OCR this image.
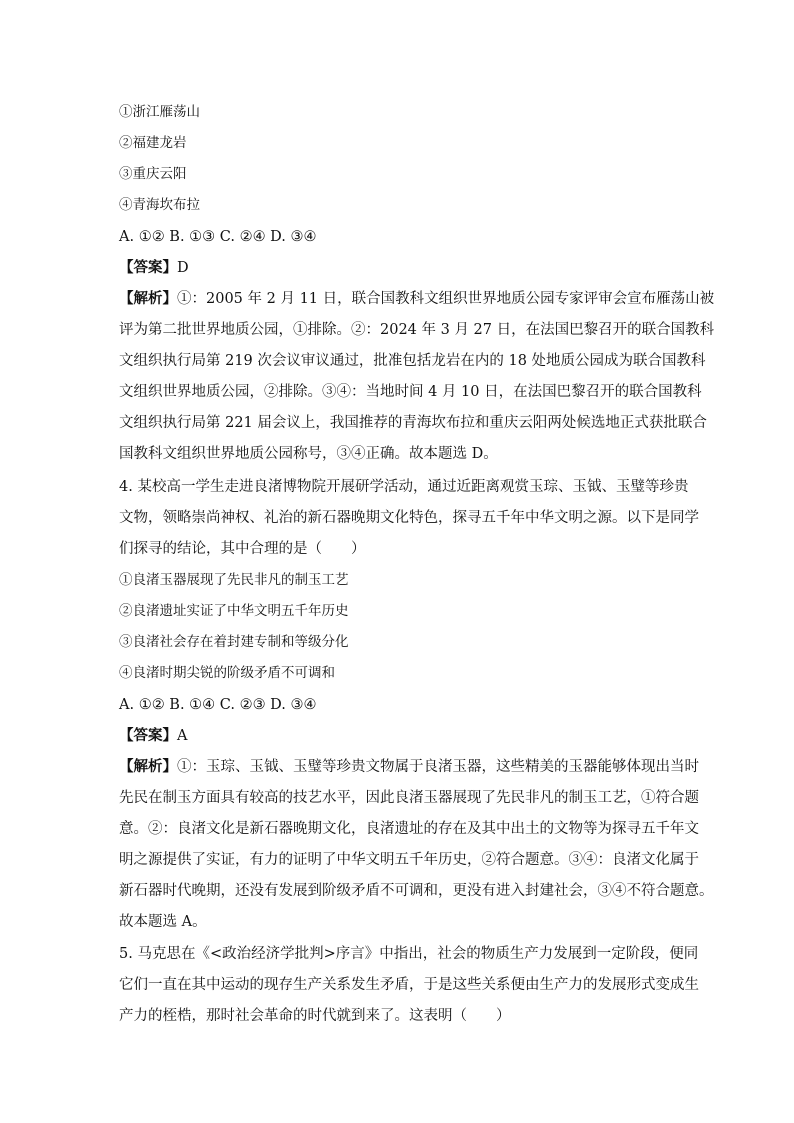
①浙江雁荡山
②福建龙岩
③重庆云阳
④青海坎布拉
A. ①② B. ①③ C. ②④ D. ③④
【答案】D
【解析】①：2005 年 2 月 11 日，联合国教科文组织世界地质公园专家评审会宣布雁荡山被
评为第二批世界地质公园，①排除。②：2024 年 3 月 27 日，在法国巴黎召开的联合国教科
文组织执行局第 219 次会议审议通过，批准包括龙岩在内的 18 处地质公园成为联合国教科
文组织世界地质公园，②排除。③④：当地时间 4 月 10 日，在法国巴黎召开的联合国教科
文组织执行局第 221 届会议上，我国推荐的青海坎布拉和重庆云阳两处候选地正式获批联合
国教科文组织世界地质公园称号，③④正确。故本题选 D。
4. 某校高一学生走进良渚博物院开展研学活动，通过近距离观赏玉琮、玉钺、玉璧等珍贵
文物，领略崇尚神权、礼治的新石器晚期文化特色，探寻五千年中华文明之源。以下是同学
们探寻的结论，其中合理的是（　　）
①良渚玉器展现了先民非凡的制玉工艺
②良渚遗址实证了中华文明五千年历史
③良渚社会存在着封建专制和等级分化
④良渚时期尖锐的阶级矛盾不可调和
A. ①② B. ①④ C. ②③ D. ③④
【答案】A
【解析】①：玉琮、玉钺、玉璧等珍贵文物属于良渚玉器，这些精美的玉器能够体现出当时
先民在制玉方面具有较高的技艺水平，因此良渚玉器展现了先民非凡的制玉工艺，①符合题
意。②：良渚文化是新石器晚期文化，良渚遗址的存在及其中出土的文物等为探寻五千年文
明之源提供了实证，有力的证明了中华文明五千年历史，②符合题意。③④：良渚文化属于
新石器时代晚期，还没有发展到阶级矛盾不可调和，更没有进入封建社会，③④不符合题意。
故本题选 A。
5. 马克思在《<政治经济学批判>序言》中指出，社会的物质生产力发展到一定阶段，便同
它们一直在其中运动的现存生产关系发生矛盾，于是这些关系便由生产力的发展形式变成生
产力的桎梏，那时社会革命的时代就到来了。这表明（　　）
